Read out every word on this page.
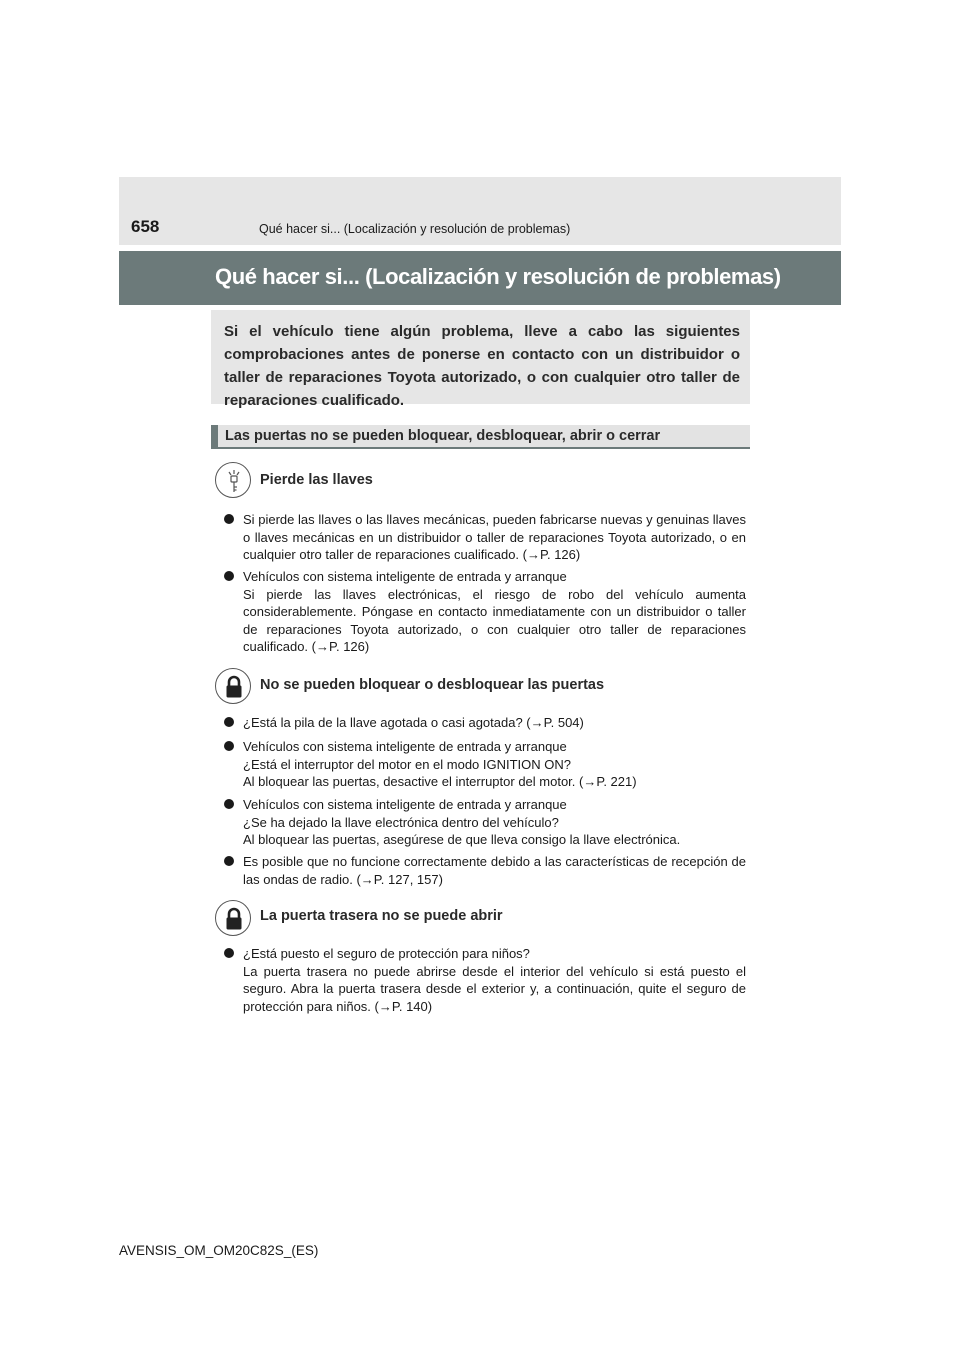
658	Qué hacer si... (Localización y resolución de problemas)
Qué hacer si... (Localización y resolución de problemas)

Si el vehículo tiene algún problema, lleve a cabo las siguientes comprobaciones antes de ponerse en contacto con un distribuidor o taller de reparaciones Toyota autorizado, o con cualquier otro taller de reparaciones cualificado.

Las puertas no se pueden bloquear, desbloquear, abrir o cerrar
Pierde las llaves
Si pierde las llaves o las llaves mecánicas, pueden fabricarse nuevas y genuinas llaves o llaves mecánicas en un distribuidor o taller de reparaciones Toyota autorizado, o en cualquier otro taller de reparaciones cualificado. (→P. 126)
Vehículos con sistema inteligente de entrada y arranque
Si pierde las llaves electrónicas, el riesgo de robo del vehículo aumenta considerablemente. Póngase en contacto inmediatamente con un distribuidor o taller de reparaciones Toyota autorizado, o con cualquier otro taller de reparaciones cualificado. (→P. 126)
No se pueden bloquear o desbloquear las puertas
¿Está la pila de la llave agotada o casi agotada? (→P. 504)
Vehículos con sistema inteligente de entrada y arranque
¿Está el interruptor del motor en el modo IGNITION ON?
Al bloquear las puertas, desactive el interruptor del motor. (→P. 221)
Vehículos con sistema inteligente de entrada y arranque
¿Se ha dejado la llave electrónica dentro del vehículo?
Al bloquear las puertas, asegúrese de que lleva consigo la llave electrónica.
Es posible que no funcione correctamente debido a las características de recepción de las ondas de radio. (→P. 127, 157)
La puerta trasera no se puede abrir
¿Está puesto el seguro de protección para niños?
La puerta trasera no puede abrirse desde el interior del vehículo si está puesto el seguro. Abra la puerta trasera desde el exterior y, a continuación, quite el seguro de protección para niños. (→P. 140)
AVENSIS_OM_OM20C82S_(ES)
